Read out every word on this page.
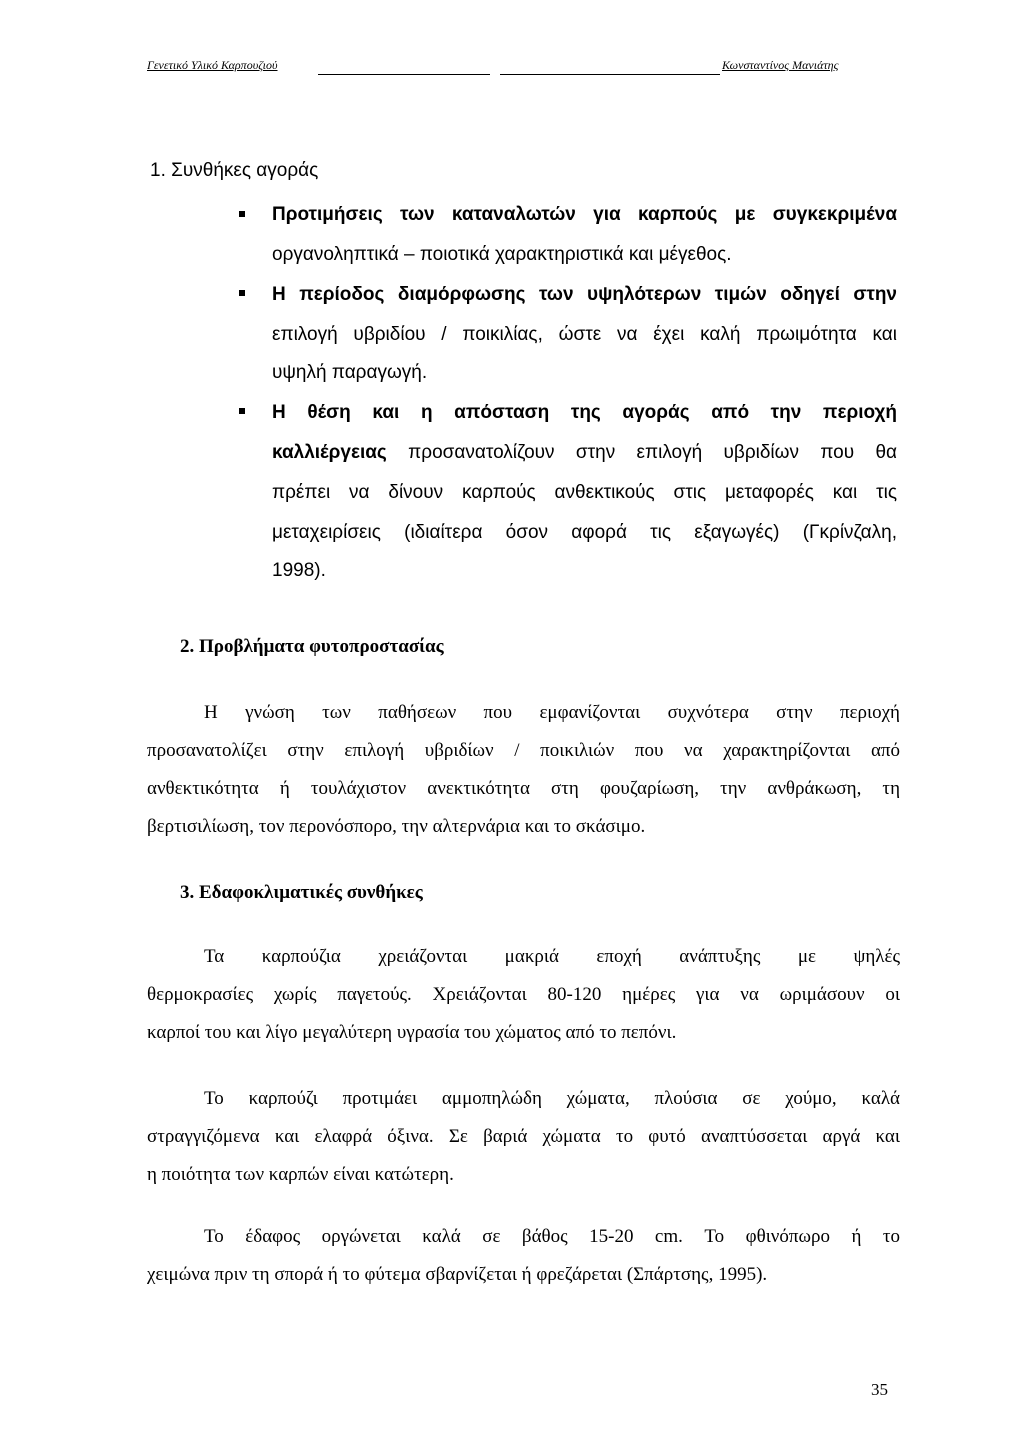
Γενετικό Υλικό Καρπουζιού	Κωνσταντίνος Μανιάτης
1. Συνθήκες αγοράς
Προτιμήσεις των καταναλωτών για καρπούς με συγκεκριμένα
οργανοληπτικά – ποιοτικά χαρακτηριστικά και μέγεθος.
Η περίοδος διαμόρφωσης των υψηλότερων τιμών οδηγεί στην
επιλογή υβριδίου / ποικιλίας, ώστε να έχει καλή πρωιμότητα και
υψηλή παραγωγή.
Η θέση και η απόσταση της αγοράς από την περιοχή
καλλιέργειας προσανατολίζουν στην επιλογή υβριδίων που θα
πρέπει να δίνουν καρπούς ανθεκτικούς στις μεταφορές και τις
μεταχειρίσεις (ιδιαίτερα όσον αφορά τις εξαγωγές) (Γκρίνζαλη,
1998).
2. Προβλήματα φυτοπροστασίας
Η γνώση των παθήσεων που εμφανίζονται συχνότερα στην περιοχή
προσανατολίζει στην επιλογή υβριδίων / ποικιλιών που να χαρακτηρίζονται από
ανθεκτικότητα ή τουλάχιστον ανεκτικότητα στη φουζαρίωση, την ανθράκωση, τη
βερτισιλίωση, τον περονόσπορο, την αλτερνάρια και το σκάσιμο.
3. Εδαφοκλιματικές συνθήκες
Τα καρπούζια χρειάζονται μακριά εποχή ανάπτυξης με ψηλές
θερμοκρασίες χωρίς παγετούς. Χρειάζονται 80-120 ημέρες για να ωριμάσουν οι
καρποί του και λίγο μεγαλύτερη υγρασία του χώματος από το πεπόνι.
Το καρπούζι προτιμάει αμμοπηλώδη χώματα, πλούσια σε χούμο, καλά
στραγγιζόμενα και ελαφρά όξινα. Σε βαριά χώματα το φυτό αναπτύσσεται αργά και
η ποιότητα των καρπών είναι κατώτερη.
Το έδαφος οργώνεται καλά σε βάθος 15-20 cm. Το φθινόπωρο ή το
χειμώνα πριν τη σπορά ή το φύτεμα σβαρνίζεται ή φρεζάρεται (Σπάρτσης, 1995).
35
